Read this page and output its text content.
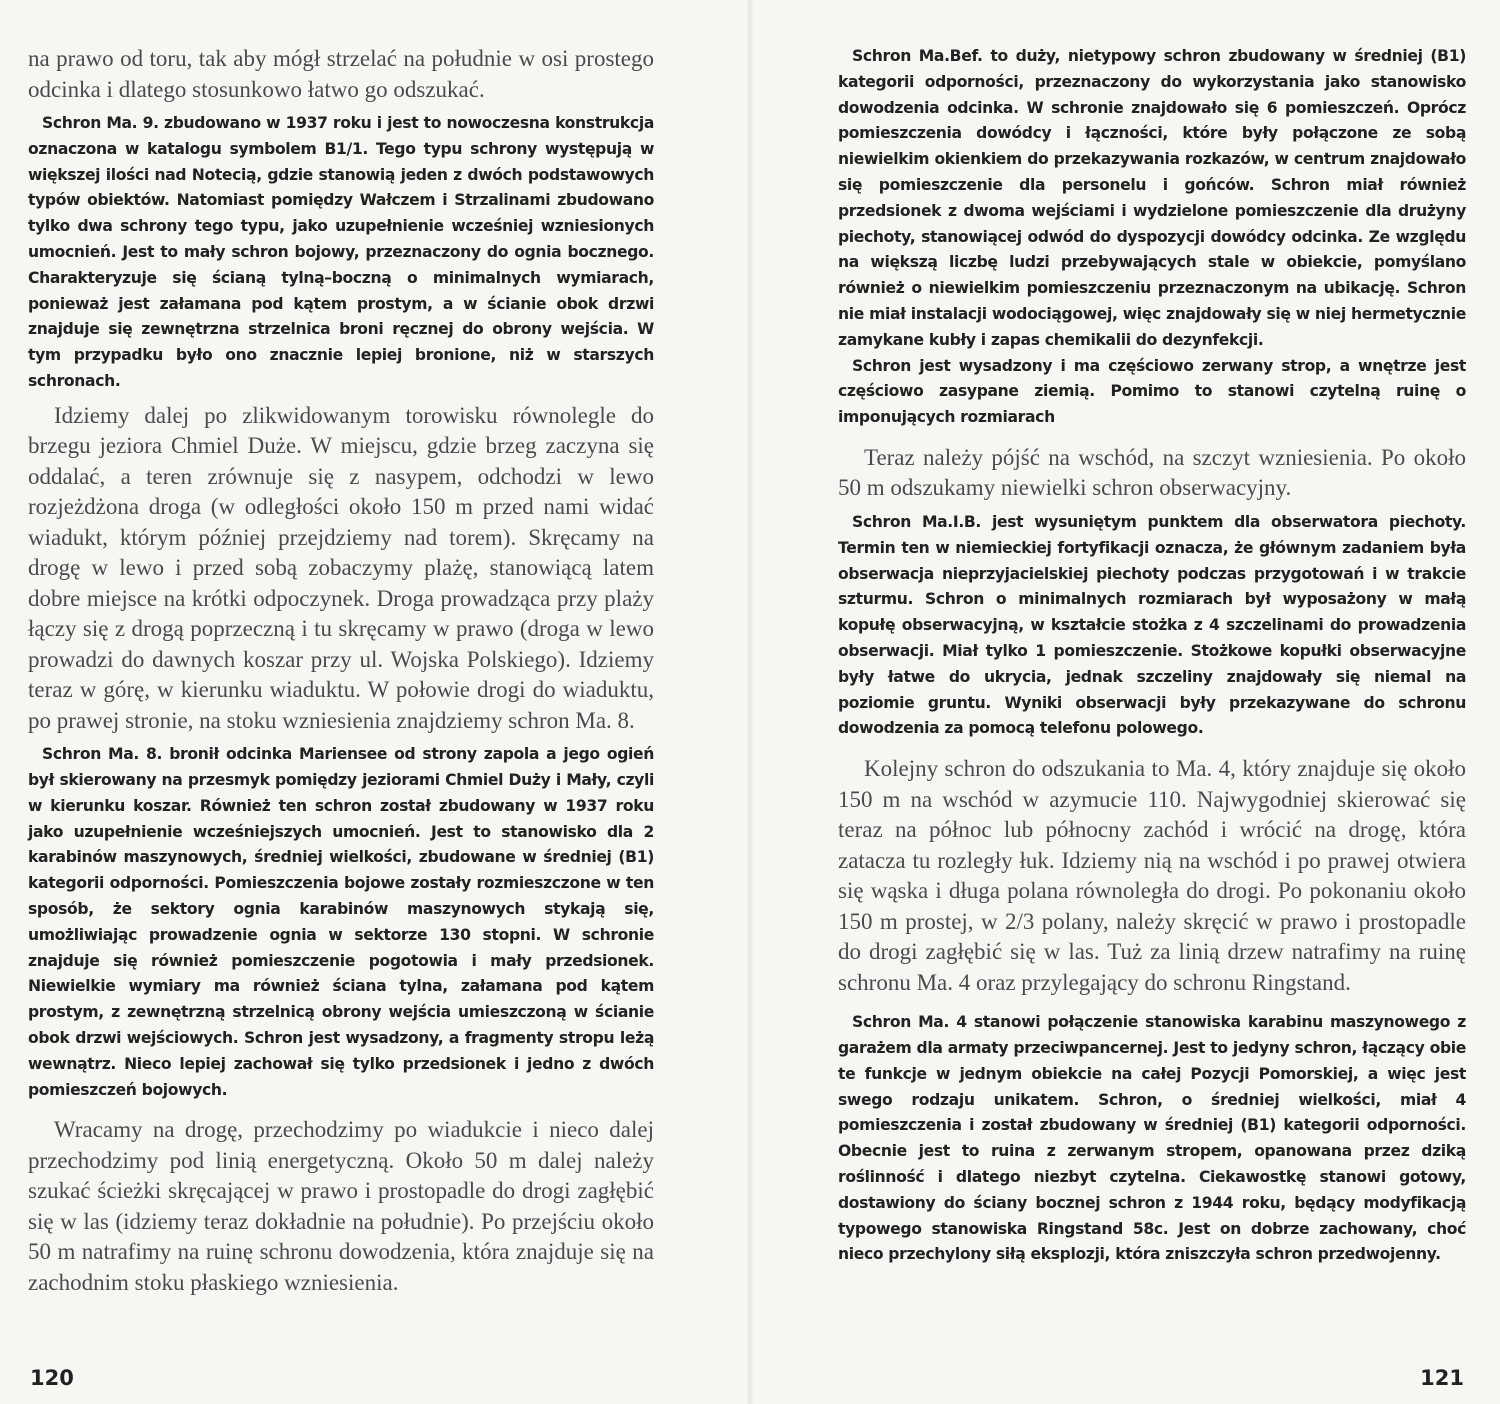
na prawo od toru, tak aby mógł strzelać na południe w osi prostego odcinka i dlatego stosunkowo łatwo go odszukać.

Schron Ma. 9. zbudowano w 1937 roku i jest to nowoczesna konstrukcja oznaczona w katalogu symbolem B1/1. Tego typu schrony występują w większej ilości nad Notecią, gdzie stanowią jeden z dwóch podstawowych typów obiektów. Natomiast pomiędzy Wałczem i Strzalinami zbudowano tylko dwa schrony tego typu, jako uzupełnienie wcześniej wzniesionych umocnień. Jest to mały schron bojowy, przeznaczony do ognia bocznego. Charakteryzuje się ścianą tylną–boczną o minimalnych wymiarach, ponieważ jest załamana pod kątem prostym, a w ścianie obok drzwi znajduje się zewnętrzna strzelnica broni ręcznej do obrony wejścia. W tym przypadku było ono znacznie lepiej bronione, niż w starszych schronach.

Idziemy dalej po zlikwidowanym torowisku równolegle do brzegu jeziora Chmiel Duże. W miejscu, gdzie brzeg zaczyna się oddalać, a teren zrównuje się z nasypem, odchodzi w lewo rozjeżdżona droga (w odległości około 150 m przed nami widać wiadukt, którym później przejdziemy nad torem). Skręcamy na drogę w lewo i przed sobą zobaczymy plażę, stanowiącą latem dobre miejsce na krótki odpoczynek. Droga prowadząca przy plaży łączy się z drogą poprzeczną i tu skręcamy w prawo (droga w lewo prowadzi do dawnych koszar przy ul. Wojska Polskiego). Idziemy teraz w górę, w kierunku wiaduktu. W połowie drogi do wiaduktu, po prawej stronie, na stoku wzniesienia znajdziemy schron Ma. 8.

Schron Ma. 8. bronił odcinka Mariensee od strony zapola a jego ogień był skierowany na przesmyk pomiędzy jeziorami Chmiel Duży i Mały, czyli w kierunku koszar. Również ten schron został zbudowany w 1937 roku jako uzupełnienie wcześniejszych umocnień. Jest to stanowisko dla 2 karabinów maszynowych, średniej wielkości, zbudowane w średniej (B1) kategorii odporności. Pomieszczenia bojowe zostały rozmieszczone w ten sposób, że sektory ognia karabinów maszynowych stykają się, umożliwiając prowadzenie ognia w sektorze 130 stopni. W schronie znajduje się również pomieszczenie pogotowia i mały przedsionek. Niewielkie wymiary ma również ściana tylna, załamana pod kątem prostym, z zewnętrzną strzelnicą obrony wejścia umieszczoną w ścianie obok drzwi wejściowych. Schron jest wysadzony, a fragmenty stropu leżą wewnątrz. Nieco lepiej zachował się tylko przedsionek i jedno z dwóch pomieszczeń bojowych.

Wracamy na drogę, przechodzimy po wiadukcie i nieco dalej przechodzimy pod linią energetyczną. Około 50 m dalej należy szukać ścieżki skręcającej w prawo i prostopadle do drogi zagłębić się w las (idziemy teraz dokładnie na południe). Po przejściu około 50 m natrafimy na ruinę schronu dowodzenia, która znajduje się na zachodnim stoku płaskiego wzniesienia.

Schron Ma.Bef. to duży, nietypowy schron zbudowany w średniej (B1) kategorii odporności, przeznaczony do wykorzystania jako stanowisko dowodzenia odcinka. W schronie znajdowało się 6 pomieszczeń. Oprócz pomieszczenia dowódcy i łączności, które były połączone ze sobą niewielkim okienkiem do przekazywania rozkazów, w centrum znajdowało się pomieszczenie dla personelu i gońców. Schron miał również przedsionek z dwoma wejściami i wydzielone pomieszczenie dla drużyny piechoty, stanowiącej odwód do dyspozycji dowódcy odcinka. Ze względu na większą liczbę ludzi przebywających stale w obiekcie, pomyślano również o niewielkim pomieszczeniu przeznaczonym na ubikację. Schron nie miał instalacji wodociągowej, więc znajdowały się w niej hermetycznie zamykane kubły i zapas chemikalii do dezynfekcji.

Schron jest wysadzony i ma częściowo zerwany strop, a wnętrze jest częściowo zasypane ziemią. Pomimo to stanowi czytelną ruinę o imponujących rozmiarach

Teraz należy pójść na wschód, na szczyt wzniesienia. Po około 50 m odszukamy niewielki schron obserwacyjny.

Schron Ma.I.B. jest wysuniętym punktem dla obserwatora piechoty. Termin ten w niemieckiej fortyfikacji oznacza, że głównym zadaniem była obserwacja nieprzyjacielskiej piechoty podczas przygotowań i w trakcie szturmu. Schron o minimalnych rozmiarach był wyposażony w małą kopułę obserwacyjną, w kształcie stożka z 4 szczelinami do prowadzenia obserwacji. Miał tylko 1 pomieszczenie. Stożkowe kopułki obserwacyjne były łatwe do ukrycia, jednak szczeliny znajdowały się niemal na poziomie gruntu. Wyniki obserwacji były przekazywane do schronu dowodzenia za pomocą telefonu polowego.

Kolejny schron do odszukania to Ma. 4, który znajduje się około 150 m na wschód w azymucie 110. Najwygodniej skierować się teraz na północ lub północny zachód i wrócić na drogę, która zatacza tu rozległy łuk. Idziemy nią na wschód i po prawej otwiera się wąska i długa polana równoległa do drogi. Po pokonaniu około 150 m prostej, w 2/3 polany, należy skręcić w prawo i prostopadle do drogi zagłębić się w las. Tuż za linią drzew natrafimy na ruinę schronu Ma. 4 oraz przylegający do schronu Ringstand.

Schron Ma. 4 stanowi połączenie stanowiska karabinu maszynowego z garażem dla armaty przeciwpancernej. Jest to jedyny schron, łączący obie te funkcje w jednym obiekcie na całej Pozycji Pomorskiej, a więc jest swego rodzaju unikatem. Schron, o średniej wielkości, miał 4 pomieszczenia i został zbudowany w średniej (B1) kategorii odporności. Obecnie jest to ruina z zerwanym stropem, opanowana przez dziką roślinność i dlatego niezbyt czytelna. Ciekawostkę stanowi gotowy, dostawiony do ściany bocznej schron z 1944 roku, będący modyfikacją typowego stanowiska Ringstand 58c. Jest on dobrze zachowany, choć nieco przechylony siłą eksplozji, która zniszczyła schron przedwojenny.

120	121
